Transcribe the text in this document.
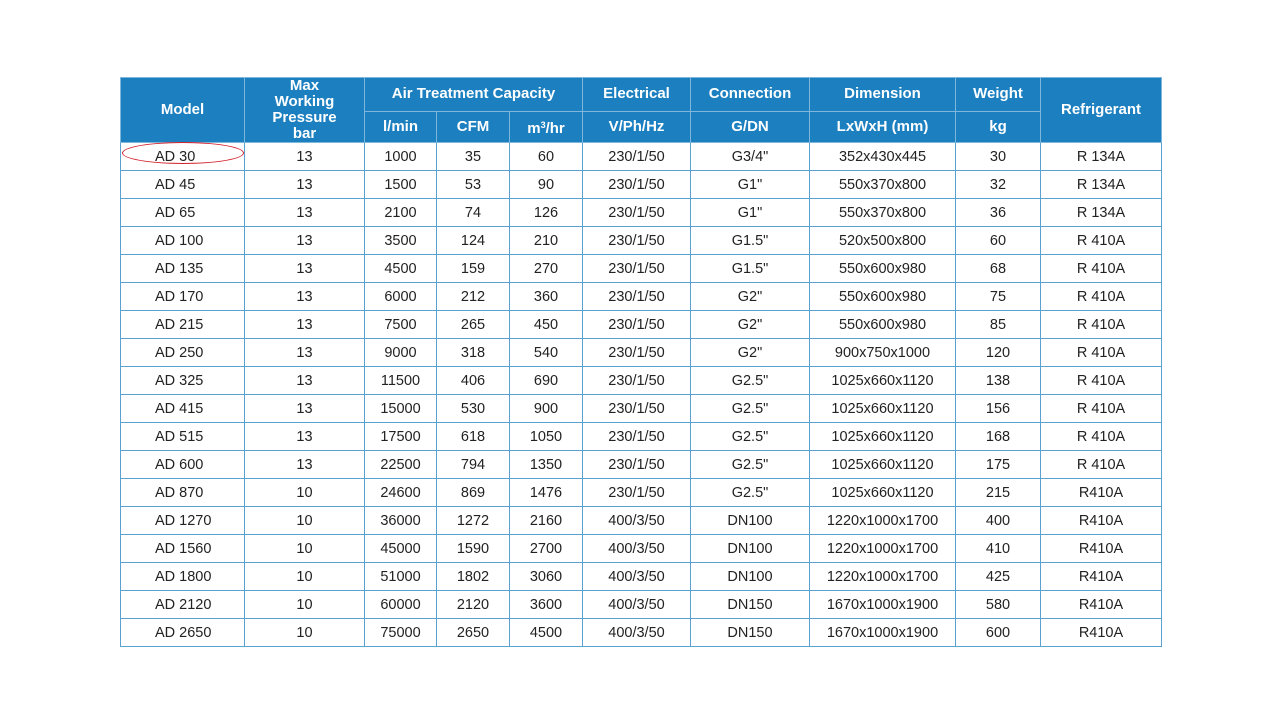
Model	Max Working Pressure bar	Air Treatment Capacity			Electrical	Connection	Dimension	Weight	Refrigerant
		l/min	CFM	$m^3/hr$	V/Ph/Hz	G/DN	LxWxH (mm)	kg	
AD 30	13	1000	35	60	230/1/50	G3/4"	352x430x445	30	R 134A
AD 45	13	1500	53	90	230/1/50	G1"	550x370x800	32	R 134A
AD 65	13	2100	74	126	230/1/50	G1"	550x370x800	36	R 134A
AD 100	13	3500	124	210	230/1/50	G1.5"	520x500x800	60	R 410A
AD 135	13	4500	159	270	230/1/50	G1.5"	550x600x980	68	R 410A
AD 170	13	6000	212	360	230/1/50	G2"	550x600x980	75	R 410A
AD 215	13	7500	265	450	230/1/50	G2"	550x600x980	85	R 410A
AD 250	13	9000	318	540	230/1/50	G2"	900x750x1000	120	R 410A
AD 325	13	11500	406	690	230/1/50	G2.5"	1025x660x1120	138	R 410A
AD 415	13	15000	530	900	230/1/50	G2.5"	1025x660x1120	156	R 410A
AD 515	13	17500	618	1050	230/1/50	G2.5"	1025x660x1120	168	R 410A
AD 600	13	22500	794	1350	230/1/50	G2.5"	1025x660x1120	175	R 410A
AD 870	10	24600	869	1476	230/1/50	G2.5"	1025x660x1120	215	R410A
AD 1270	10	36000	1272	2160	400/3/50	DN100	1220x1000x1700	400	R410A
AD 1560	10	45000	1590	2700	400/3/50	DN100	1220x1000x1700	410	R410A
AD 1800	10	51000	1802	3060	400/3/50	DN100	1220x1000x1700	425	R410A
AD 2120	10	60000	2120	3600	400/3/50	DN150	1670x1000x1900	580	R410A
AD 2650	10	75000	2650	4500	400/3/50	DN150	1670x1000x1900	600	R410A
